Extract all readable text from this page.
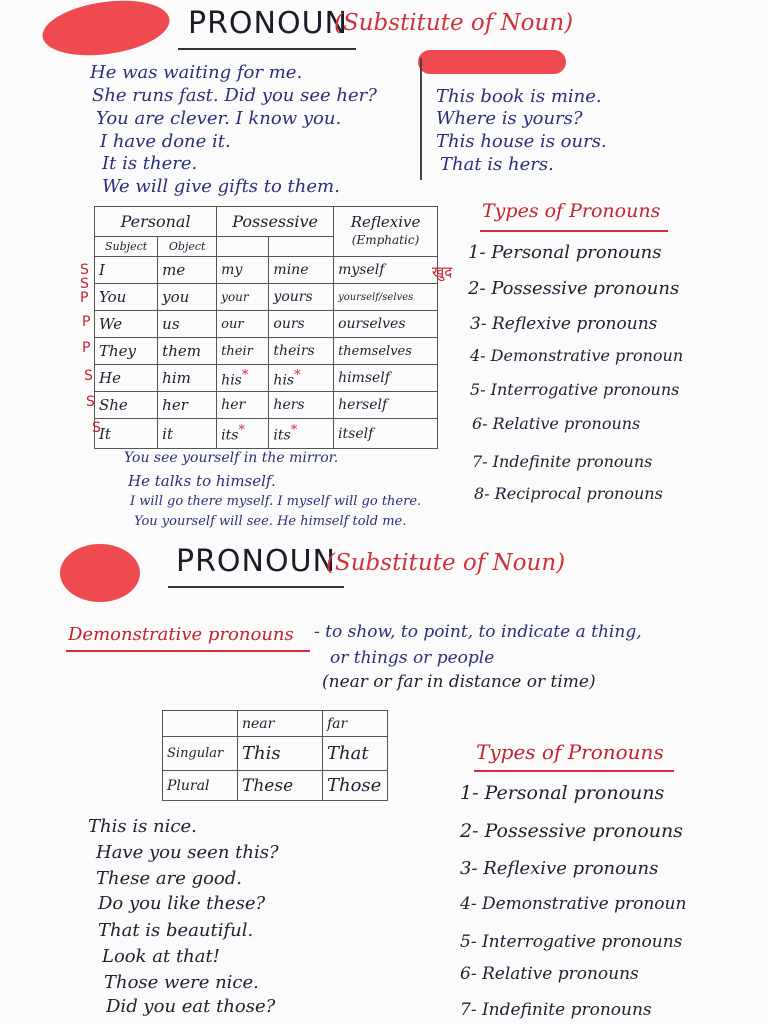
PRONOUN
(Substitute of Noun)
He was waiting for me.
She runs fast. Did you see her?
You are clever. I know you.
I have done it.
It is there.
We will give gifts to them.
This book is mine.
Where is yours?
This house is ours.
That is hers.
Personal		Possessive		Reflexive
(Emphatic)
Subject	Object			
I	me	my	mine	myself
You	you	your	yours	yourself/selves
We	us	our	ours	ourselves
They	them	their	theirs	themselves
He	him	his*	his*	himself
She	her	her	hers	herself
It	it	its*	its*	itself
S
S
P
P
P
S
S
S
खुद
You see yourself in the mirror.
He talks to himself.
I will go there myself. I myself will go there.
You yourself will see. He himself told me.
Types of Pronouns
1- Personal pronouns
2- Possessive pronouns
3- Reflexive pronouns
4- Demonstrative pronoun
5- Interrogative pronouns
6- Relative pronouns
7- Indefinite pronouns
8- Reciprocal pronouns
PRONOUN
(Substitute of Noun)
Demonstrative pronouns - to show, to point, to indicate a thing,
or things or people
(near or far in distance or time)
	near	far
Singular	This	That
Plural	These	Those
This is nice.
Have you seen this?
These are good.
Do you like these?
That is beautiful.
Look at that!
Those were nice.
Did you eat those?
Types of Pronouns
1- Personal pronouns
2- Possessive pronouns
3- Reflexive pronouns
4- Demonstrative pronoun
5- Interrogative pronouns
6- Relative pronouns
7- Indefinite pronouns
